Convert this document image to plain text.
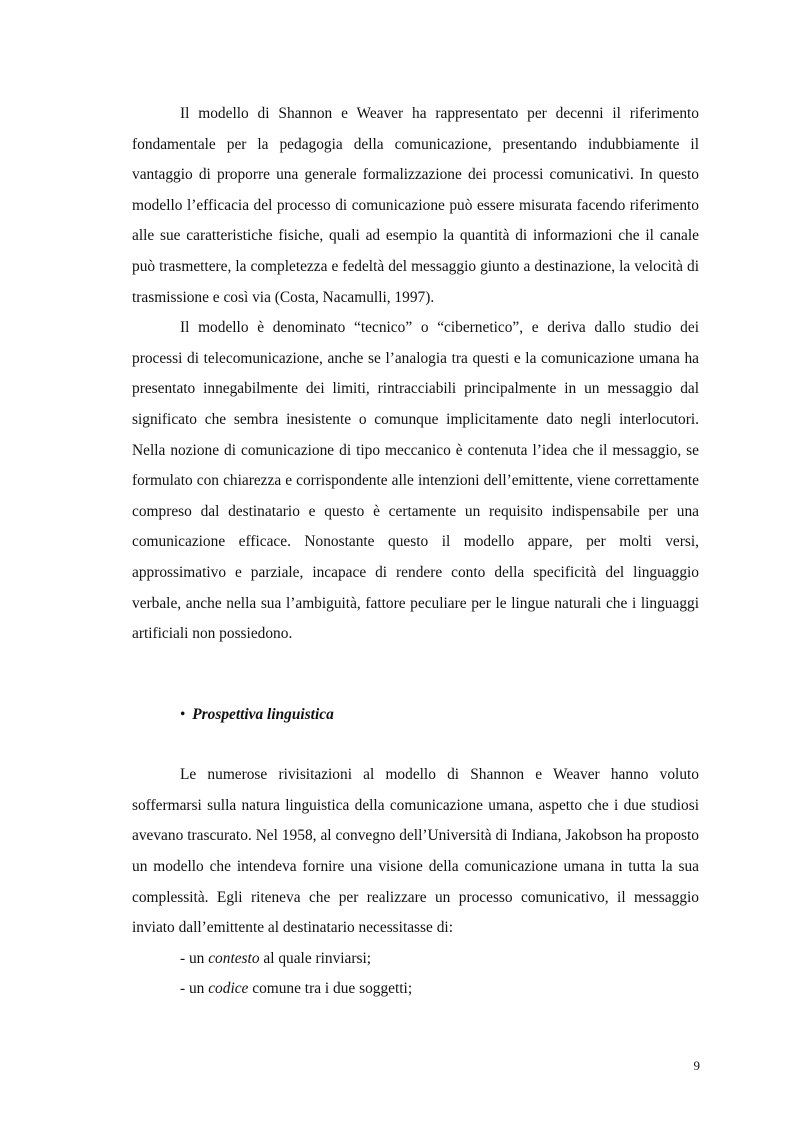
Il modello di Shannon e Weaver ha rappresentato per decenni il riferimento fondamentale per la pedagogia della comunicazione, presentando indubbiamente il vantaggio di proporre una generale formalizzazione dei processi comunicativi. In questo modello l’efficacia del processo di comunicazione può essere misurata facendo riferimento alle sue caratteristiche fisiche, quali ad esempio la quantità di informazioni che il canale può trasmettere, la completezza e fedeltà del messaggio giunto a destinazione, la velocità di trasmissione e così via (Costa, Nacamulli, 1997).

Il modello è denominato “tecnico” o “cibernetico”, e deriva dallo studio dei processi di telecomunicazione, anche se l’analogia tra questi e la comunicazione umana ha presentato innegabilmente dei limiti, rintracciabili principalmente in un messaggio dal significato che sembra inesistente o comunque implicitamente dato negli interlocutori. Nella nozione di comunicazione di tipo meccanico è contenuta l’idea che il messaggio, se formulato con chiarezza e corrispondente alle intenzioni dell’emittente, viene correttamente compreso dal destinatario e questo è certamente un requisito indispensabile per una comunicazione efficace. Nonostante questo il modello appare, per molti versi, approssimativo e parziale, incapace di rendere conto della specificità del linguaggio verbale, anche nella sua l’ambiguità, fattore peculiare per le lingue naturali che i linguaggi artificiali non possiedono.

• Prospettiva linguistica

Le numerose rivisitazioni al modello di Shannon e Weaver hanno voluto soffermarsi sulla natura linguistica della comunicazione umana, aspetto che i due studiosi avevano trascurato. Nel 1958, al convegno dell’Università di Indiana, Jakobson ha proposto un modello che intendeva fornire una visione della comunicazione umana in tutta la sua complessità. Egli riteneva che per realizzare un processo comunicativo, il messaggio inviato dall’emittente al destinatario necessitasse di:

- un contesto al quale rinviarsi;
- un codice comune tra i due soggetti;
9
